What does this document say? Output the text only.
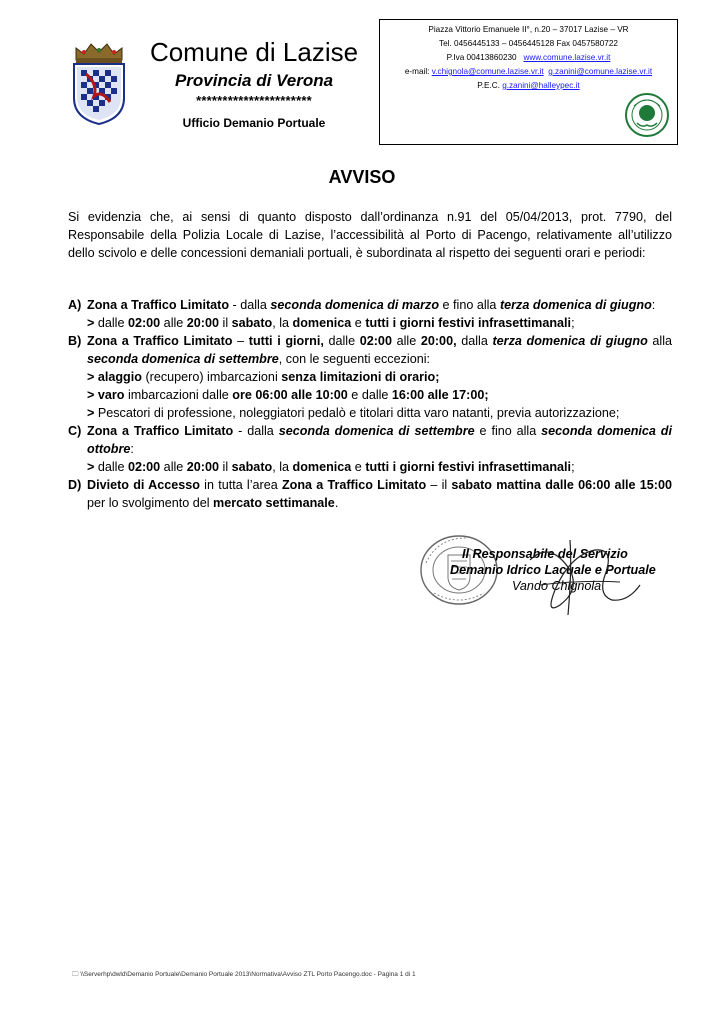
Comune di Lazise
Provincia di Verona
**********************
Ufficio Demanio Portuale
Piazza Vittorio Emanuele II°, n.20 – 37017 Lazise – VR
Tel. 0456445133 – 0456445128 Fax 0457580722
P.Iva 00413860230 www.comune.lazise.vr.it
e-mail: v.chignola@comune.lazise.vr.it g.zanini@comune.lazise.vr.it
P.E.C. g.zanini@halleypec.it
AVVISO
Si evidenzia che, ai sensi di quanto disposto dall’ordinanza n.91 del 05/04/2013, prot. 7790, del Responsabile della Polizia Locale di Lazise, l’accessibilità al Porto di Pacengo, relativamente all’utilizzo dello scivolo e delle concessioni demaniali portuali, è subordinata al rispetto dei seguenti orari e periodi:
A) Zona a Traffico Limitato - dalla seconda domenica di marzo e fino alla terza domenica di giugno:
> dalle 02:00 alle 20:00 il sabato, la domenica e tutti i giorni festivi infrasettimanali;

B) Zona a Traffico Limitato – tutti i giorni, dalle 02:00 alle 20:00, dalla terza domenica di giugno alla seconda domenica di settembre, con le seguenti eccezioni:
> alaggio (recupero) imbarcazioni senza limitazioni di orario;
> varo imbarcazioni dalle ore 06:00 alle 10:00 e dalle 16:00 alle 17:00;
> Pescatori di professione, noleggiatori pedalò e titolari ditta varo natanti, previa autorizzazione;

C) Zona a Traffico Limitato - dalla seconda domenica di settembre e fino alla seconda domenica di ottobre:
> dalle 02:00 alle 20:00 il sabato, la domenica e tutti i giorni festivi infrasettimanali;

D) Divieto di Accesso in tutta l’area Zona a Traffico Limitato – il sabato mattina dalle 06:00 alle 15:00 per lo svolgimento del mercato settimanale.

Il Responsabile del Servizio
Demanio Idrico Lacuale e Portuale
Vando Chignola
🗀 \\Serverhp\dwld\Demanio Portuale\Demanio Portuale 2013\Normativa\Avviso ZTL Porto Pacengo.doc - Pagina 1 di 1
